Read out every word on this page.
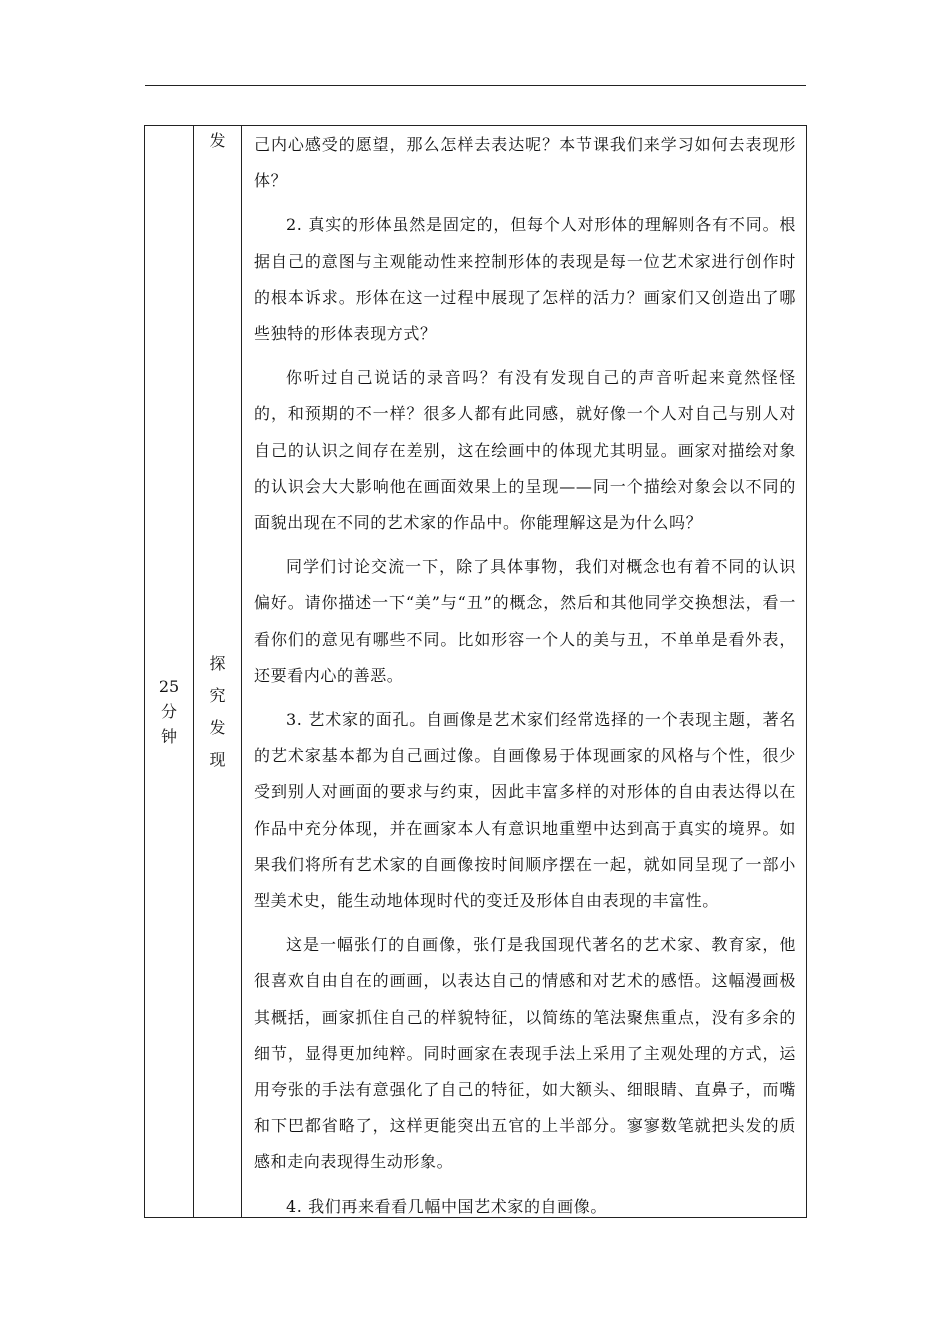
25
分
钟
发
探
究
发
现

己内心感受的愿望，那么怎样去表达呢？本节课我们来学习如何去表现形体？

2. 真实的形体虽然是固定的，但每个人对形体的理解则各有不同。根据自己的意图与主观能动性来控制形体的表现是每一位艺术家进行创作时的根本诉求。形体在这一过程中展现了怎样的活力？画家们又创造出了哪些独特的形体表现方式？

你听过自己说话的录音吗？有没有发现自己的声音听起来竟然怪怪的，和预期的不一样？很多人都有此同感，就好像一个人对自己与别人对自己的认识之间存在差别，这在绘画中的体现尤其明显。画家对描绘对象的认识会大大影响他在画面效果上的呈现——同一个描绘对象会以不同的面貌出现在不同的艺术家的作品中。你能理解这是为什么吗？

同学们讨论交流一下，除了具体事物，我们对概念也有着不同的认识偏好。请你描述一下“美”与“丑”的概念，然后和其他同学交换想法，看一看你们的意见有哪些不同。比如形容一个人的美与丑，不单单是看外表，还要看内心的善恶。

3. 艺术家的面孔。自画像是艺术家们经常选择的一个表现主题，著名的艺术家基本都为自己画过像。自画像易于体现画家的风格与个性，很少受到别人对画面的要求与约束，因此丰富多样的对形体的自由表达得以在作品中充分体现，并在画家本人有意识地重塑中达到高于真实的境界。如果我们将所有艺术家的自画像按时间顺序摆在一起，就如同呈现了一部小型美术史，能生动地体现时代的变迁及形体自由表现的丰富性。

这是一幅张仃的自画像，张仃是我国现代著名的艺术家、教育家，他很喜欢自由自在的画画，以表达自己的情感和对艺术的感悟。这幅漫画极其概括，画家抓住自己的样貌特征，以简练的笔法聚焦重点，没有多余的细节，显得更加纯粹。同时画家在表现手法上采用了主观处理的方式，运用夸张的手法有意强化了自己的特征，如大额头、细眼睛、直鼻子，而嘴和下巴都省略了，这样更能突出五官的上半部分。寥寥数笔就把头发的质感和走向表现得生动形象。

4. 我们再来看看几幅中国艺术家的自画像。
